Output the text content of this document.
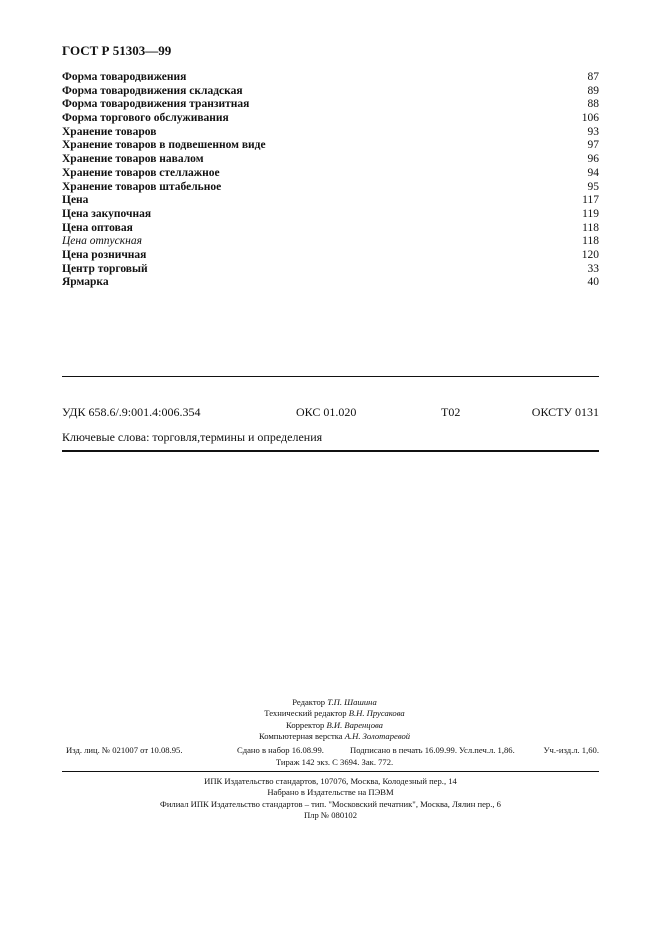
ГОСТ Р 51303—99
Форма товародвижения	87
Форма товародвижения складская	89
Форма товародвижения транзитная	88
Форма торгового обслуживания	106
Хранение товаров	93
Хранение товаров в подвешенном виде	97
Хранение товаров навалом	96
Хранение товаров стеллажное	94
Хранение товаров штабельное	95
Цена	117
Цена закупочная	119
Цена оптовая	118
Цена отпускная	118
Цена розничная	120
Центр торговый	33
Ярмарка	40
УДК 658.6/.9:001.4:006.354	ОКС 01.020	Т02	ОКСТУ 0131
Ключевые слова: торговля,термины и определения
Редактор Т.П. Шашина
Технический редактор В.Н. Прусакова
Корректор В.И. Варенцова
Компьютерная верстка А.Н. Золотаревой
Изд. лиц. № 021007 от 10.08.95.	Сдано в набор 16.08.99.	Подписано в печать 16.09.99. Усл.печ.л. 1,86.	Уч.-изд.л. 1,60.
Тираж 142 экз. С 3694. Зак. 772.
ИПК Издательство стандартов, 107076, Москва, Колодезный пер., 14
Набрано в Издательстве на ПЭВМ
Филиал ИПК Издательство стандартов – тип. "Московский печатник", Москва, Лялин пер., 6
Плр № 080102
